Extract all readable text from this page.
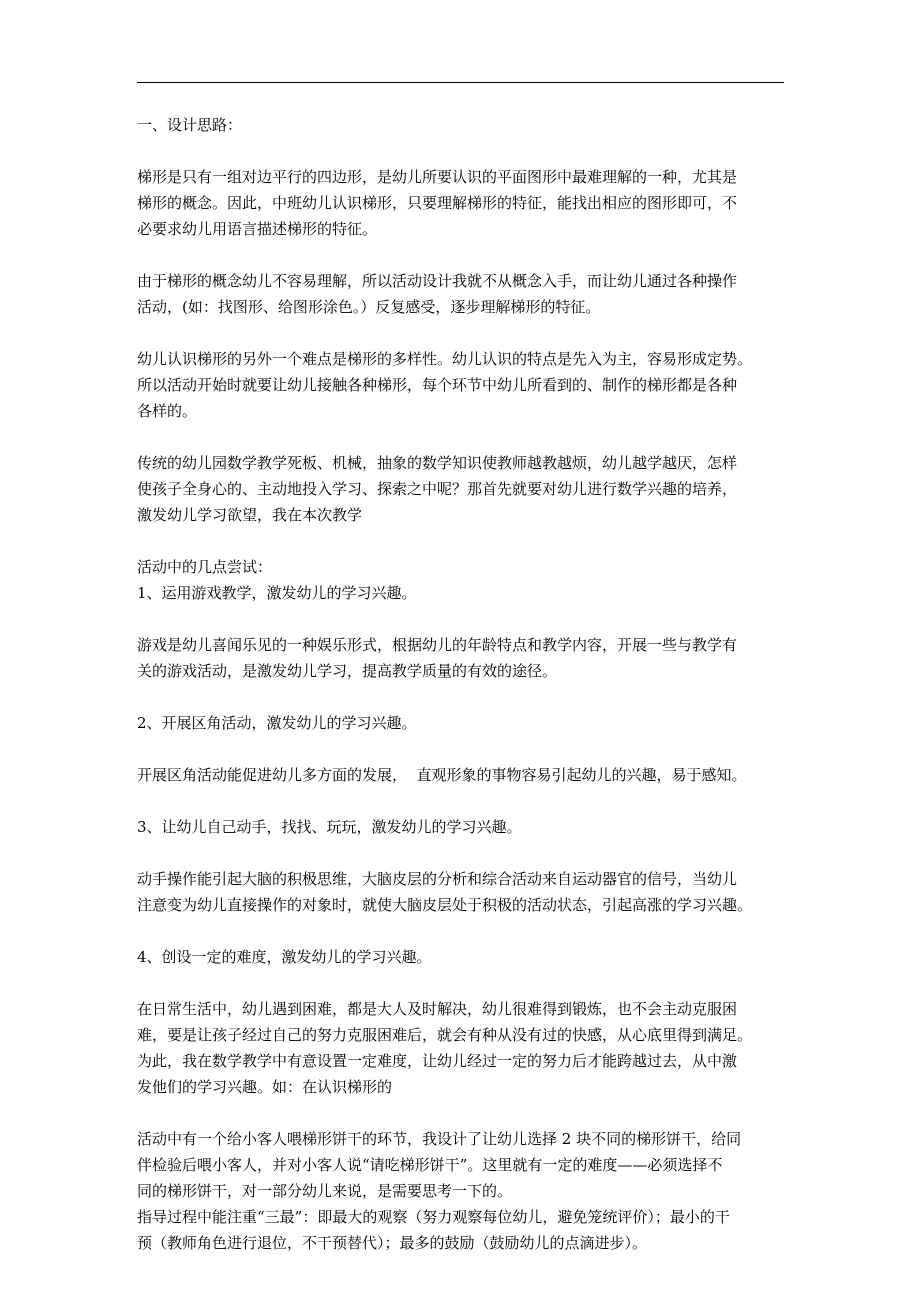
一、设计思路：

梯形是只有一组对边平行的四边形，是幼儿所要认识的平面图形中最难理解的一种，尤其是

梯形的概念。因此，中班幼儿认识梯形，只要理解梯形的特征，能找出相应的图形即可，不

必要求幼儿用语言描述梯形的特征。

由于梯形的概念幼儿不容易理解，所以活动设计我就不从概念入手，而让幼儿通过各种操作

活动，(如：找图形、给图形涂色。）反复感受，逐步理解梯形的特征。

幼儿认识梯形的另外一个难点是梯形的多样性。幼儿认识的特点是先入为主，容易形成定势。

所以活动开始时就要让幼儿接触各种梯形，每个环节中幼儿所看到的、制作的梯形都是各种

各样的。

传统的幼儿园数学教学死板、机械，抽象的数学知识使教师越教越烦，幼儿越学越厌，怎样

使孩子全身心的、主动地投入学习、探索之中呢？那首先就要对幼儿进行数学兴趣的培养，

激发幼儿学习欲望，我在本次教学

活动中的几点尝试：

1、运用游戏教学，激发幼儿的学习兴趣。

游戏是幼儿喜闻乐见的一种娱乐形式，根据幼儿的年龄特点和教学内容，开展一些与教学有

关的游戏活动，是激发幼儿学习，提高教学质量的有效的途径。

2、开展区角活动，激发幼儿的学习兴趣。

开展区角活动能促进幼儿多方面的发展，  直观形象的事物容易引起幼儿的兴趣，易于感知。

3、让幼儿自己动手，找找、玩玩，激发幼儿的学习兴趣。

动手操作能引起大脑的积极思维，大脑皮层的分析和综合活动来自运动器官的信号，当幼儿

注意变为幼儿直接操作的对象时，就使大脑皮层处于积极的活动状态，引起高涨的学习兴趣。

4、创设一定的难度，激发幼儿的学习兴趣。

在日常生活中，幼儿遇到困难，都是大人及时解决，幼儿很难得到锻炼，也不会主动克服困

难，要是让孩子经过自己的努力克服困难后，就会有种从没有过的快感，从心底里得到满足。

为此，我在数学教学中有意设置一定难度，让幼儿经过一定的努力后才能跨越过去，从中激

发他们的学习兴趣。如：在认识梯形的

活动中有一个给小客人喂梯形饼干的环节，我设计了让幼儿选择 2 块不同的梯形饼干，给同

伴检验后喂小客人，并对小客人说“请吃梯形饼干”。这里就有一定的难度——必须选择不

同的梯形饼干，对一部分幼儿来说，是需要思考一下的。

指导过程中能注重“三最”：即最大的观察（努力观察每位幼儿，避免笼统评价）；最小的干

预（教师角色进行退位，不干预替代）；最多的鼓励（鼓励幼儿的点滴进步）。
